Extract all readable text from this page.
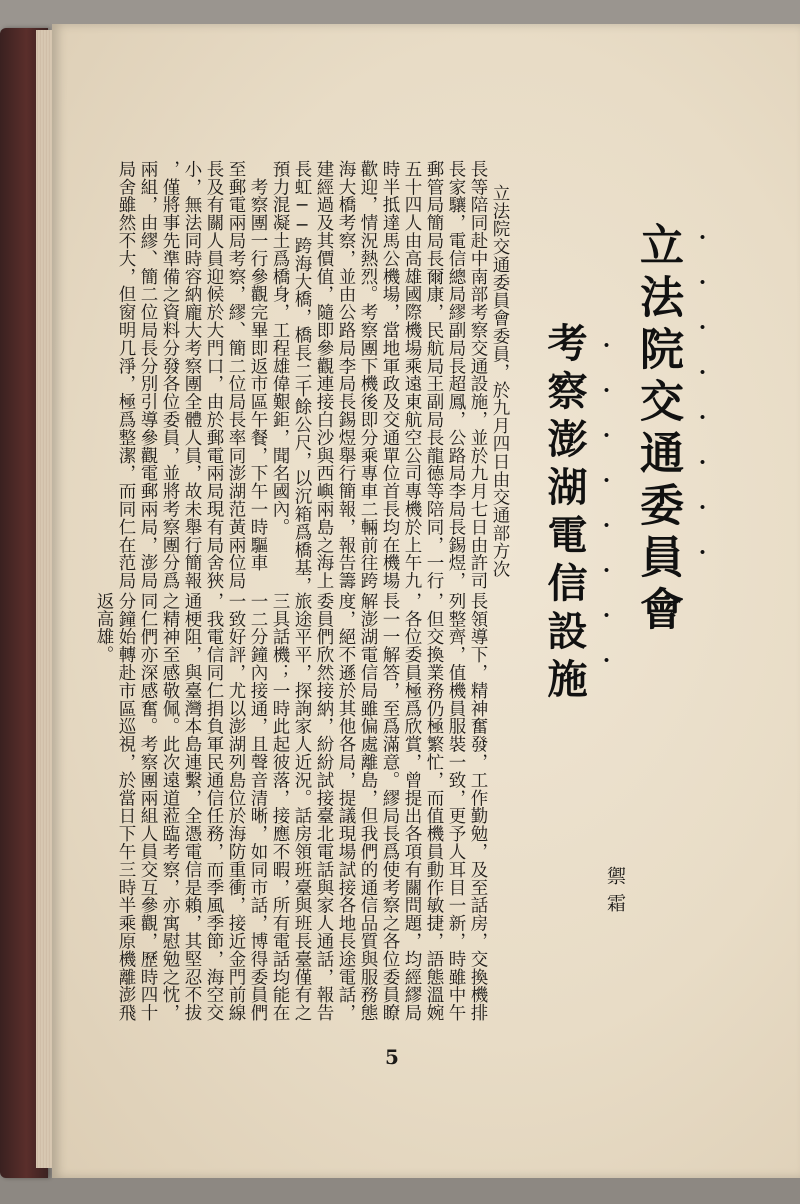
立法院交通委員會 ・・・・・・・・
考察澎湖電信設施 ・・・・・・・・
禦霜
立法院交通委員會委員，於九月四日由交通部方次
長等陪同赴中南部考察交通設施，並於九月七日由許司
長家驤，電信總局繆副局長超鳳，公路局李局長錫煜，
郵管局簡局長爾康，民航局王副局長龍德等陪同，一行
五十四人由高雄國際機場乘遠東航空公司專機於上午九
時半抵達馬公機場，當地軍政及交通單位首長均在機場
歡迎，情況熱烈。考察團下機後即分乘專車二輛前往跨
海大橋考察，並由公路局李局長錫煜舉行簡報，報告籌
建經過及其價值，隨即參觀連接白沙與西嶼兩島之海上
長虹──跨海大橋，橋長二千餘公尺，以沉箱爲橋基，
預力混凝土爲橋身，工程雄偉艱鉅，聞名國內。
　考察團一行參觀完畢即返市區午餐，下午一時驅車
至郵電兩局考察，繆、簡二位局長率同澎湖范黃兩位局
長及有關人員迎候於大門口，由於郵電兩局現有局舍狹
小，無法同時容納龐大考察團全體人員，故未舉行簡報
，僅將事先準備之資料分發各位委員，並將考察團分爲
兩組，由繆、簡二位局長分別引導參觀電郵兩局，澎局
局舍雖然不大，但窗明几淨，極爲整潔，而同仁在范局
長領導下，精神奮發，工作勤勉，及至話房，交換機排
列整齊，值機員服裝一致，更予人耳目一新，時雖中午
，但交換業務仍極繁忙，而值機員動作敏捷，語態溫婉
，各位委員極爲欣賞，曾提出各項有關問題，均經繆局
長一一解答，至爲滿意。繆局長爲使考察之各位委員瞭
解澎湖電信局雖偏處離島，但我們的通信品質與服務態
度，絕不遜於其他各局，提議現場試接各地長途電話，
委員們欣然接納，紛紛試接臺北電話與家人通話，報告
旅途平平，探詢家人近況。話房領班臺與班長臺僅有之
三具話機；一時此起彼落，接應不暇，所有電話均能在
一二分鐘內接通，且聲音清晰，如同市話，博得委員們
一致好評，尤以澎湖列島位於海防重衝，接近金門前線
，我電信同仁捐負軍民通信任務，而季風季節，海空交
通梗阻，與臺灣本島連繫，全憑電信是賴，其堅忍不拔
之精神至感敬佩。此次遠道蒞臨考察，亦寓慰勉之忱，
同仁們亦深感奮。考察團兩組人員交互參觀，歷時四十
分鐘始轉赴市區巡視，於當日下午三時半乘原機離澎飛
返高雄。
5
